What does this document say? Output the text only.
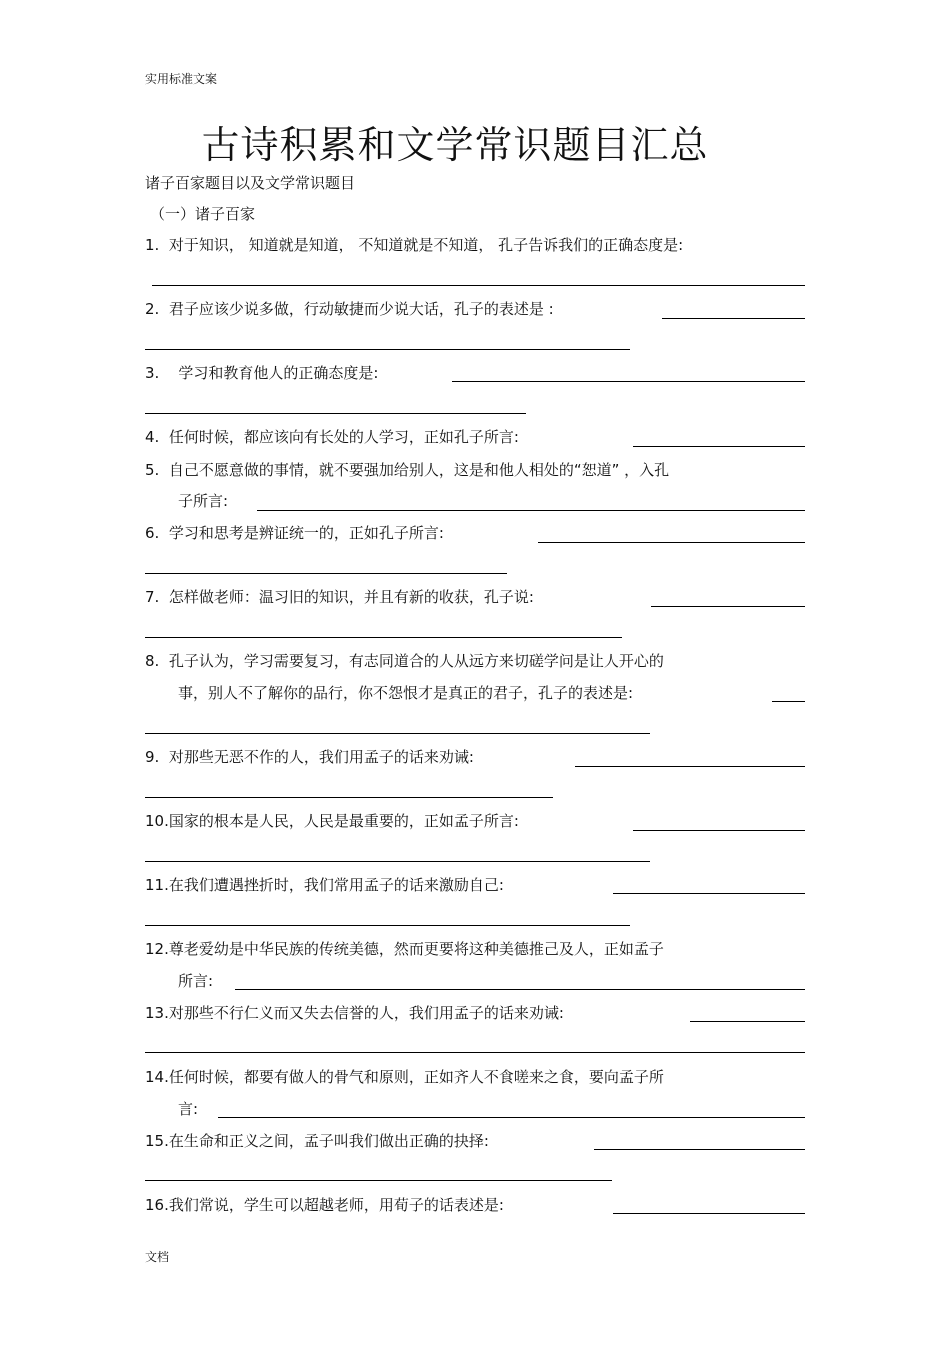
实用标准文案
古诗积累和文学常识题目汇总
诸子百家题目以及文学常识题目
（一）诸子百家
1. 对于知识， 知道就是知道， 不知道就是不知道， 孔子告诉我们的正确态度是:
2. 君子应该少说多做，行动敏捷而少说大话，孔子的表述是 :
3. 学习和教育他人的正确态度是:
4. 任何时候，都应该向有长处的人学习，正如孔子所言:
5. 自己不愿意做的事情，就不要强加给别人，这是和他人相处的“恕道” ，入孔
子所言:
6. 学习和思考是辨证统一的，正如孔子所言:
7. 怎样做老师：温习旧的知识，并且有新的收获，孔子说:
8. 孔子认为，学习需要复习，有志同道合的人从远方来切磋学问是让人开心的
事，别人不了解你的品行，你不怨恨才是真正的君子，孔子的表述是:
9. 对那些无恶不作的人，我们用孟子的话来劝诫:
10.国家的根本是人民，人民是最重要的，正如孟子所言:
11.在我们遭遇挫折时，我们常用孟子的话来激励自己:
12.尊老爱幼是中华民族的传统美德，然而更要将这种美德推己及人，正如孟子
所言:
13.对那些不行仁义而又失去信誉的人，我们用孟子的话来劝诫:
14.任何时候，都要有做人的骨气和原则，正如齐人不食嗟来之食，要向孟子所
言:
15.在生命和正义之间，孟子叫我们做出正确的抉择:
16.我们常说，学生可以超越老师，用荀子的话表述是:
文档
